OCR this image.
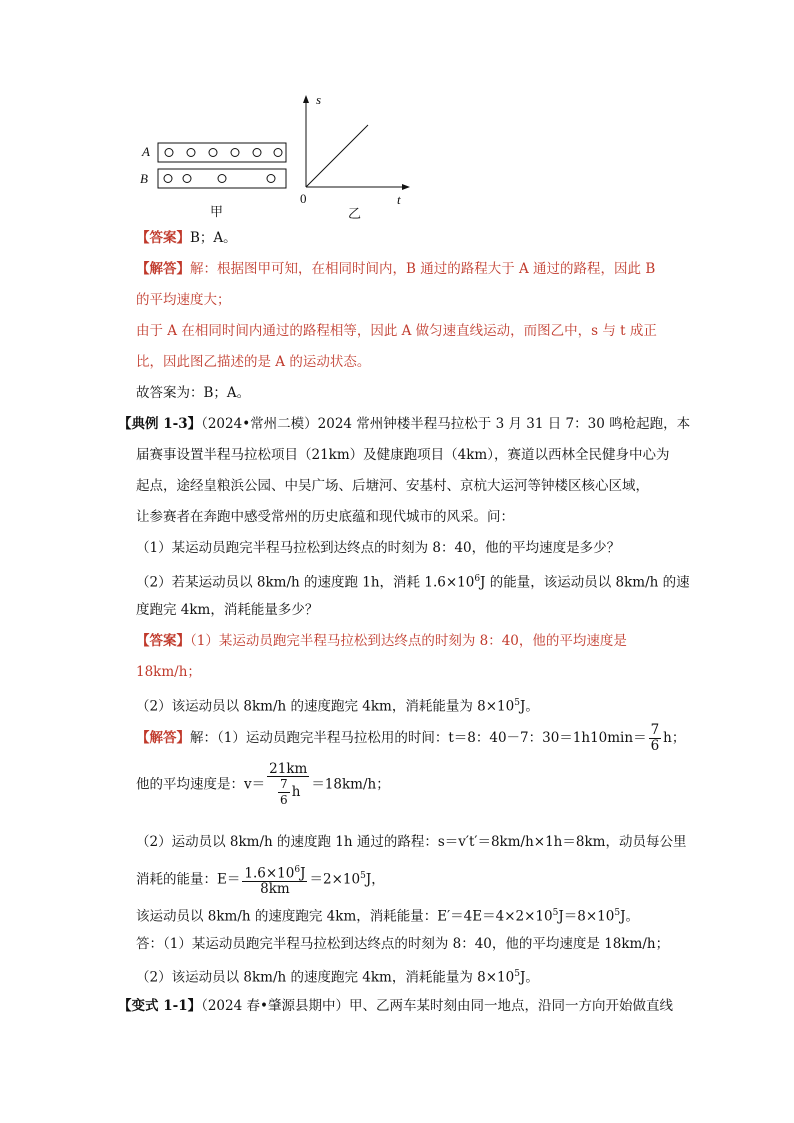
A
B
甲
s
t
0
乙
【答案】B；A。
【解答】解：根据图甲可知，在相同时间内，B 通过的路程大于 A 通过的路程，因此 B
的平均速度大；
由于 A 在相同时间内通过的路程相等，因此 A 做匀速直线运动，而图乙中，s 与 t 成正
比，因此图乙描述的是 A 的运动状态。
故答案为：B；A。
【典例 1-3】（2024•常州二模）2024 常州钟楼半程马拉松于 3 月 31 日 7：30 鸣枪起跑，本
届赛事设置半程马拉松项目（21km）及健康跑项目（4km），赛道以西林全民健身中心为
起点，途经皇粮浜公园、中吴广场、后塘河、安基村、京杭大运河等钟楼区核心区域，
让参赛者在奔跑中感受常州的历史底蕴和现代城市的风采。问：
（1）某运动员跑完半程马拉松到达终点的时刻为 8：40，他的平均速度是多少？
（2）若某运动员以 8km/h 的速度跑 1h，消耗 $1.6\times 10^6J$ 的能量，该运动员以 8km/h 的速
度跑完 4km，消耗能量多少？
【答案】（1）某运动员跑完半程马拉松到达终点的时刻为 8：40，他的平均速度是
18km/h；
（2）该运动员以 8km/h 的速度跑完 4km，消耗能量为 $8\times 10^5J$。
【解答】解：（1）运动员跑完半程马拉松用的时间：t＝8：40－7：$30=1h10\min= \frac{7}{6}$ h；
他的平均速度是：$v= \frac{21km}{\frac{7}{6} h} =18km/h$；
（2）运动员以 8km/h 的速度跑 1h 通过的路程：s＝v′t′＝8km/h×1h＝8km，动员每公里
消耗的能量：$E= \frac{1.6\times 10^6J}{8km} =2\times 10^5J$，
该运动员以 8km/h 的速度跑完 4km，消耗能量：$E'=4E=4\times 2\times 10^5J=8\times 10^5J$。
答：（1）某运动员跑完半程马拉松到达终点的时刻为 8：40，他的平均速度是 18km/h；
（2）该运动员以 8km/h 的速度跑完 4km，消耗能量为 $8\times 10^5J$。
【变式 1-1】（2024 春•肇源县期中）甲、乙两车某时刻由同一地点，沿同一方向开始做直线
